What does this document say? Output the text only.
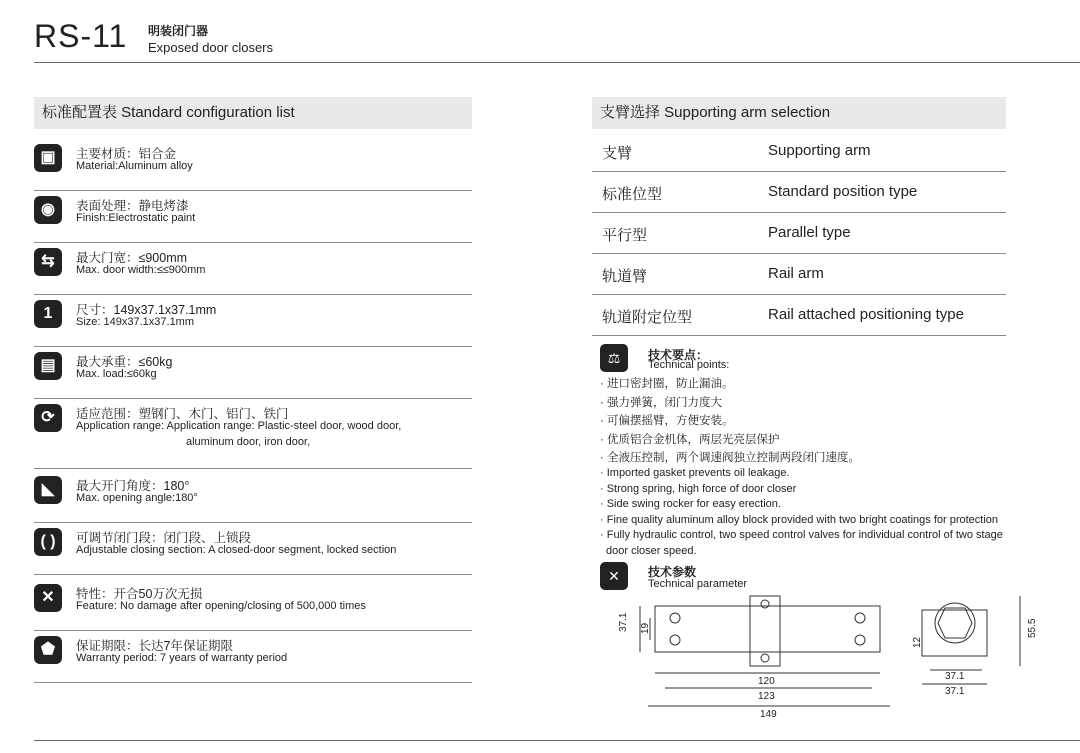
RS-11 明装闭门器
Exposed door closers
标准配置表 Standard configuration list
▣	主要材质：铝合金
Material:Aluminum alloy
◉	表面处理：静电烤漆
Finish:Electrostatic paint
⇆	最大门宽：≤900mm
Max. door width:≤≤900mm
1	尺寸：149x37.1x37.1mm
Size: 149x37.1x37.1mm
▤	最大承重：≤60kg
Max. load:≤60kg
⟳	适应范围：塑钢门、木门、铝门、铁门
Application range: Application range: Plastic-steel door, wood door,
aluminum door, iron door,
◣	最大开门角度：180°
Max. opening angle:180°
( )	可调节闭门段：闭门段、上锁段
Adjustable closing section: A closed-door segment, locked section
✕	特性：开合50万次无损
Feature: No damage after opening/closing of 500,000 times
⬟	保证期限：长达7年保证期限
Warranty period: 7 years of warranty period
支臂选择 Supporting arm selection
支臂	Supporting arm
标准位型	Standard position type
平行型	Parallel type
轨道臂	Rail arm
轨道附定位型	Rail attached positioning type
⚖	技术要点：
Technical points:
· 进口密封圈，防止漏油。
· 强力弹簧，闭门力度大
· 可偏摆摇臂，方便安装。
· 优质铝合金机体，两层光亮层保护
· 全液压控制，两个调速阀独立控制两段闭门速度。
· Imported gasket prevents oil leakage.
· Strong spring, high force of door closer
· Side swing rocker for easy erection.
· Fine quality aluminum alloy block provided with two bright coatings for protection
· Fully hydraulic control, two speed control valves for individual control of two stage
door closer speed.
✕	技术参数
Technical parameter
37.1 19
120
123
149
55.5
37.1
37.1
12
